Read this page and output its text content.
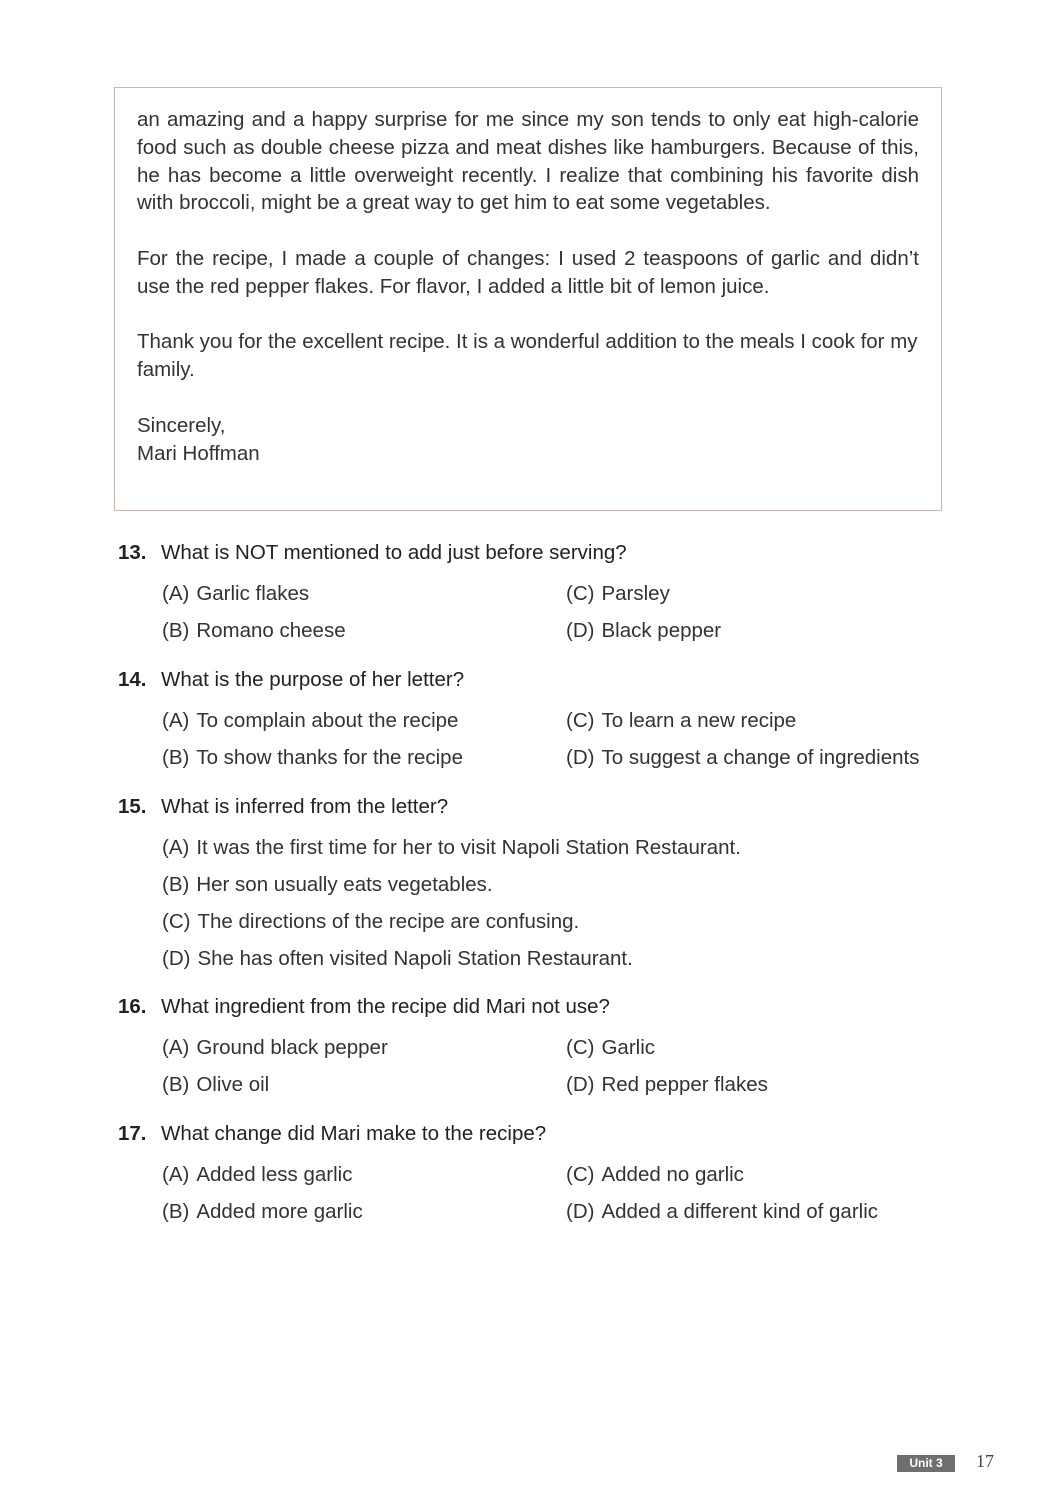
an amazing and a happy surprise for me since my son tends to only eat high-calorie food such as double cheese pizza and meat dishes like hamburgers. Because of this, he has become a little overweight recently. I realize that combining his favorite dish with broccoli, might be a great way to get him to eat some vegetables.

For the recipe, I made a couple of changes: I used 2 teaspoons of garlic and didn’t use the red pepper flakes. For flavor, I added a little bit of lemon juice.

Thank you for the excellent recipe. It is a wonderful addition to the meals I cook for my family.

Sincerely,
Mari Hoffman

13. What is NOT mentioned to add just before serving?
(A) Garlic flakes	(C) Parsley
(B) Romano cheese	(D) Black pepper
14. What is the purpose of her letter?
(A) To complain about the recipe	(C) To learn a new recipe
(B) To show thanks for the recipe	(D) To suggest a change of ingredients
15. What is inferred from the letter?
(A) It was the first time for her to visit Napoli Station Restaurant.
(B) Her son usually eats vegetables.
(C) The directions of the recipe are confusing.
(D) She has often visited Napoli Station Restaurant.
16. What ingredient from the recipe did Mari not use?
(A) Ground black pepper	(C) Garlic
(B) Olive oil	(D) Red pepper flakes
17. What change did Mari make to the recipe?
(A) Added less garlic	(C) Added no garlic
(B) Added more garlic	(D) Added a different kind of garlic
Unit 3	17
